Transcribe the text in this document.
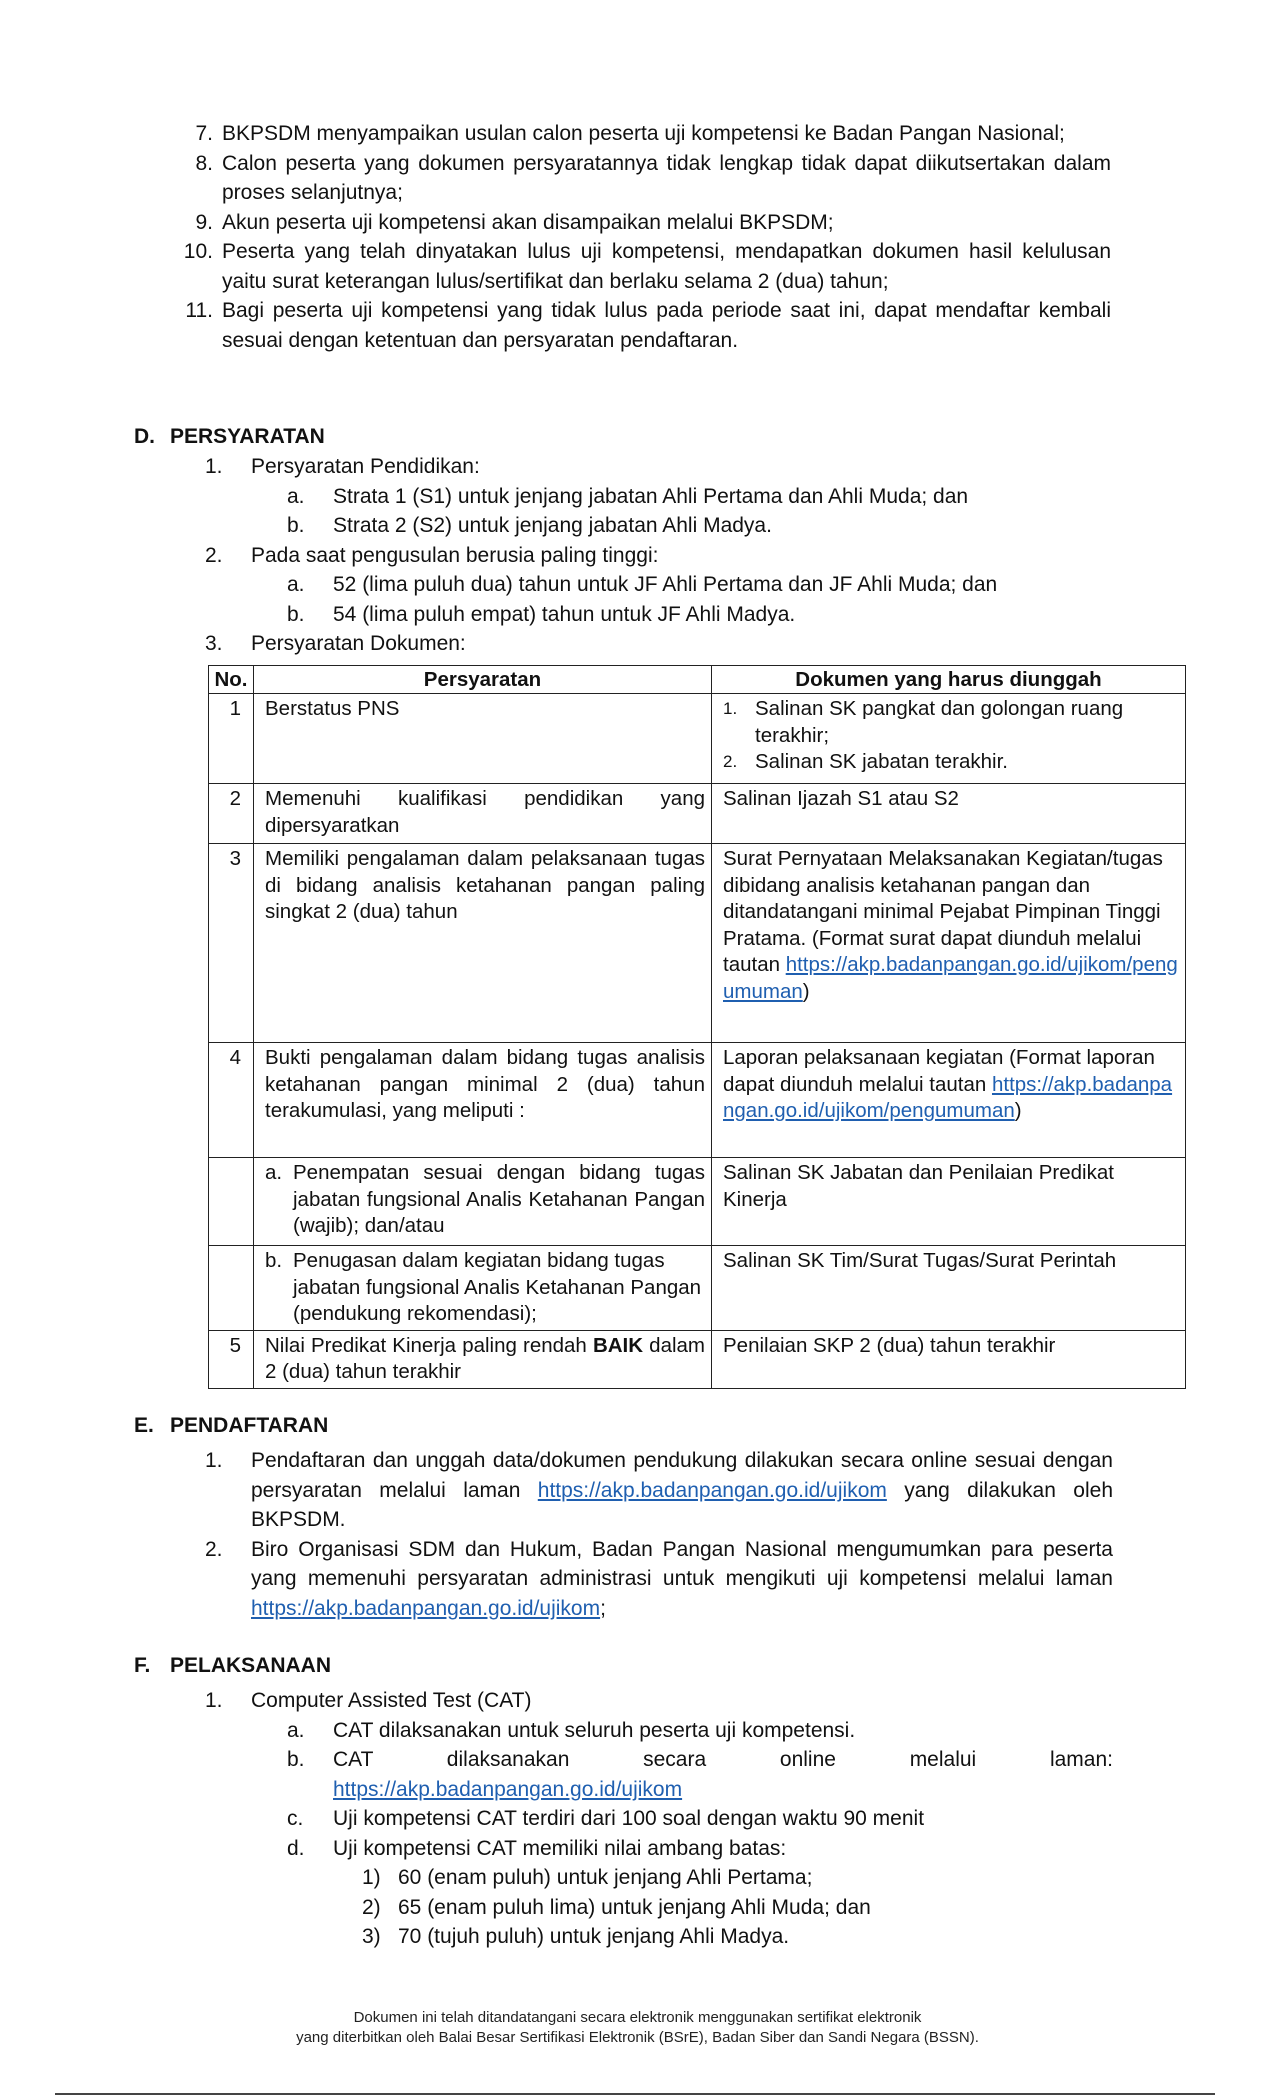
7. BKPSDM menyampaikan usulan calon peserta uji kompetensi ke Badan Pangan Nasional;
8. Calon peserta yang dokumen persyaratannya tidak lengkap tidak dapat diikutsertakan dalam proses selanjutnya;
9. Akun peserta uji kompetensi akan disampaikan melalui BKPSDM;
10. Peserta yang telah dinyatakan lulus uji kompetensi, mendapatkan dokumen hasil kelulusan yaitu surat keterangan lulus/sertifikat dan berlaku selama 2 (dua) tahun;
11. Bagi peserta uji kompetensi yang tidak lulus pada periode saat ini, dapat mendaftar kembali sesuai dengan ketentuan dan persyaratan pendaftaran.
D. PERSYARATAN
1.	Persyaratan Pendidikan:
a.	Strata 1 (S1) untuk jenjang jabatan Ahli Pertama dan Ahli Muda; dan
b.	Strata 2 (S2) untuk jenjang jabatan Ahli Madya.
2.	Pada saat pengusulan berusia paling tinggi:
a.	52 (lima puluh dua) tahun untuk JF Ahli Pertama dan JF Ahli Muda; dan
b.	54 (lima puluh empat) tahun untuk JF Ahli Madya.
3.	Persyaratan Dokumen:
No.	Persyaratan	Dokumen yang harus diunggah
1	Berstatus PNS	1. Salinan SK pangkat dan golongan ruang terakhir;
2. Salinan SK jabatan terakhir.

2	Memenuhi kualifikasi pendidikan yang dipersyaratkan	Salinan Ijazah S1 atau S2
3	Memiliki pengalaman dalam pelaksanaan tugas di bidang analisis ketahanan pangan paling singkat 2 (dua) tahun	Surat Pernyataan Melaksanakan Kegiatan/tugas dibidang analisis ketahanan pangan dan ditandatangani minimal Pejabat Pimpinan Tinggi Pratama. (Format surat dapat diunduh melalui tautan https://akp.badanpangan.go.id/ujikom/pengumuman)
4	Bukti pengalaman dalam bidang tugas analisis ketahanan pangan minimal 2 (dua) tahun terakumulasi, yang meliputi :	Laporan pelaksanaan kegiatan (Format laporan dapat diunduh melalui tautan https://akp.badanpangan.go.id/ujikom/pengumuman)

	a. Penempatan sesuai dengan bidang tugas jabatan fungsional Analis Ketahanan Pangan (wajib); dan/atau	Salinan SK Jabatan dan Penilaian Predikat Kinerja

	b. Penugasan dalam kegiatan bidang tugas jabatan fungsional Analis Ketahanan Pangan (pendukung rekomendasi);	Salinan SK Tim/Surat Tugas/Surat Perintah
5	Nilai Predikat Kinerja paling rendah BAIK dalam 2 (dua) tahun terakhir	Penilaian SKP 2 (dua) tahun terakhir
E. PENDAFTARAN
1.	Pendaftaran dan unggah data/dokumen pendukung dilakukan secara online sesuai dengan persyaratan melalui laman https://akp.badanpangan.go.id/ujikom yang dilakukan oleh BKPSDM.
2.	Biro Organisasi SDM dan Hukum, Badan Pangan Nasional mengumumkan para peserta yang memenuhi persyaratan administrasi untuk mengikuti uji kompetensi melalui laman https://akp.badanpangan.go.id/ujikom;
F. PELAKSANAAN
1.	Computer Assisted Test (CAT)
a.	CAT dilaksanakan untuk seluruh peserta uji kompetensi.
b.	CAT dilaksanakan secara online melalui laman:
https://akp.badanpangan.go.id/ujikom
c.	Uji kompetensi CAT terdiri dari 100 soal dengan waktu 90 menit
d.	Uji kompetensi CAT memiliki nilai ambang batas:
1) 60 (enam puluh) untuk jenjang Ahli Pertama;
2) 65 (enam puluh lima) untuk jenjang Ahli Muda; dan
3) 70 (tujuh puluh) untuk jenjang Ahli Madya.
Dokumen ini telah ditandatangani secara elektronik menggunakan sertifikat elektronik
yang diterbitkan oleh Balai Besar Sertifikasi Elektronik (BSrE), Badan Siber dan Sandi Negara (BSSN).
